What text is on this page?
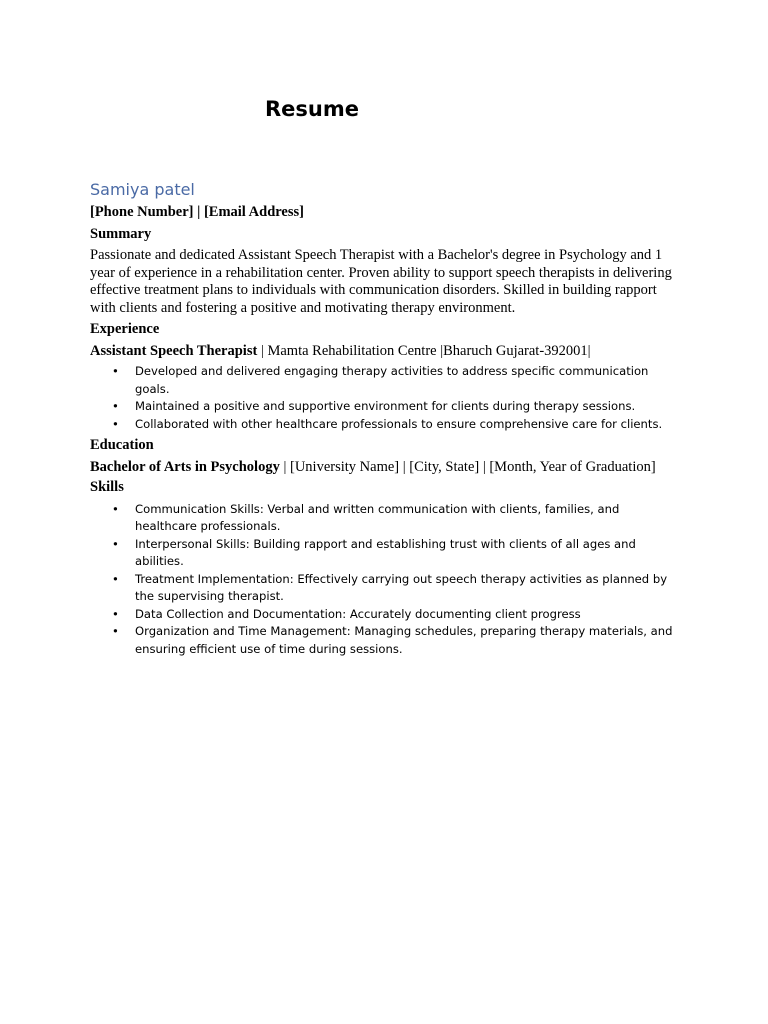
Resume

Samiya patel

[Phone Number] | [Email Address]

Summary

Passionate and dedicated Assistant Speech Therapist with a Bachelor's degree in Psychology and 1 year of experience in a rehabilitation center. Proven ability to support speech therapists in delivering effective treatment plans to individuals with communication disorders. Skilled in building rapport with clients and fostering a positive and motivating therapy environment.

Experience

Assistant Speech Therapist | Mamta Rehabilitation Centre |Bharuch Gujarat-392001|

• Developed and delivered engaging therapy activities to address specific communication goals.
• Maintained a positive and supportive environment for clients during therapy sessions.
• Collaborated with other healthcare professionals to ensure comprehensive care for clients.

Education

Bachelor of Arts in Psychology | [University Name] | [City, State] | [Month, Year of Graduation]

Skills

• Communication Skills: Verbal and written communication with clients, families, and healthcare professionals.
• Interpersonal Skills: Building rapport and establishing trust with clients of all ages and abilities.
• Treatment Implementation: Effectively carrying out speech therapy activities as planned by the supervising therapist.
• Data Collection and Documentation: Accurately documenting client progress
• Organization and Time Management: Managing schedules, preparing therapy materials, and ensuring efficient use of time during sessions.
